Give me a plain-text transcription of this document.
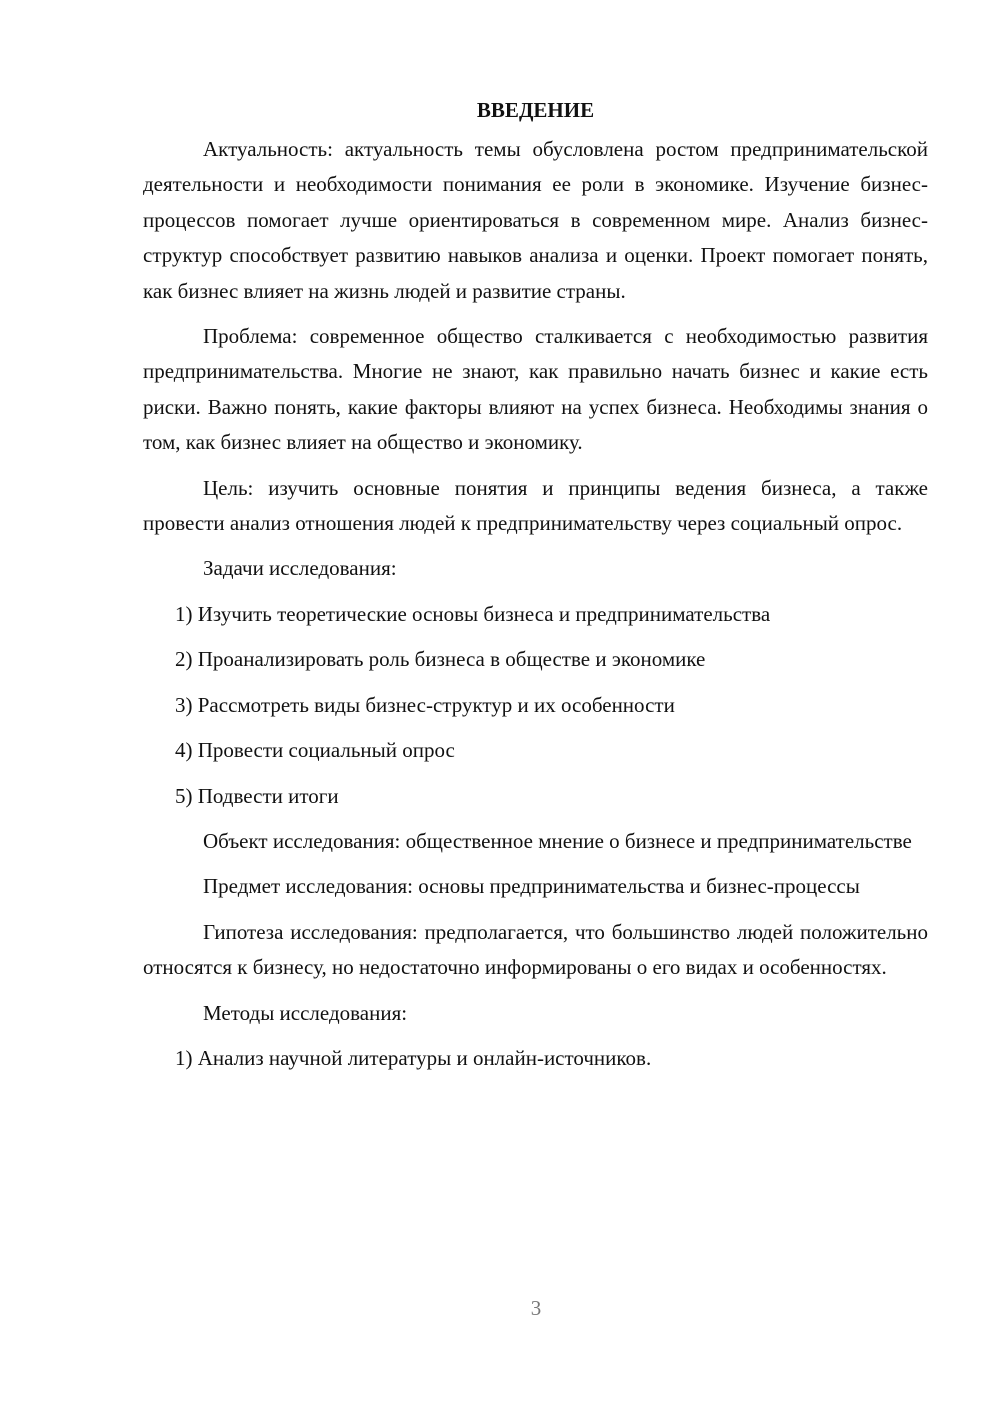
ВВЕДЕНИЕ

Актуальность: актуальность темы обусловлена ростом предпринимательской деятельности и необходимости понимания ее роли в экономике. Изучение бизнес-процессов помогает лучше ориентироваться в современном мире. Анализ бизнес-структур способствует развитию навыков анализа и оценки. Проект помогает понять, как бизнес влияет на жизнь людей и развитие страны.

Проблема: современное общество сталкивается с необходимостью развития предпринимательства. Многие не знают, как правильно начать бизнес и какие есть риски. Важно понять, какие факторы влияют на успех бизнеса. Необходимы знания о том, как бизнес влияет на общество и экономику.

Цель: изучить основные понятия и принципы ведения бизнеса, а также провести анализ отношения людей к предпринимательству через социальный опрос.

Задачи исследования:
1) Изучить теоретические основы бизнеса и предпринимательства
2) Проанализировать роль бизнеса в обществе и экономике
3) Рассмотреть виды бизнес-структур и их особенности
4) Провести социальный опрос
5) Подвести итоги

Объект исследования: общественное мнение о бизнесе и предпринимательстве

Предмет исследования: основы предпринимательства и бизнес-процессы

Гипотеза исследования: предполагается, что большинство людей положительно относятся к бизнесу, но недостаточно информированы о его видах и особенностях.

Методы исследования:
1) Анализ научной литературы и онлайн-источников.
3
